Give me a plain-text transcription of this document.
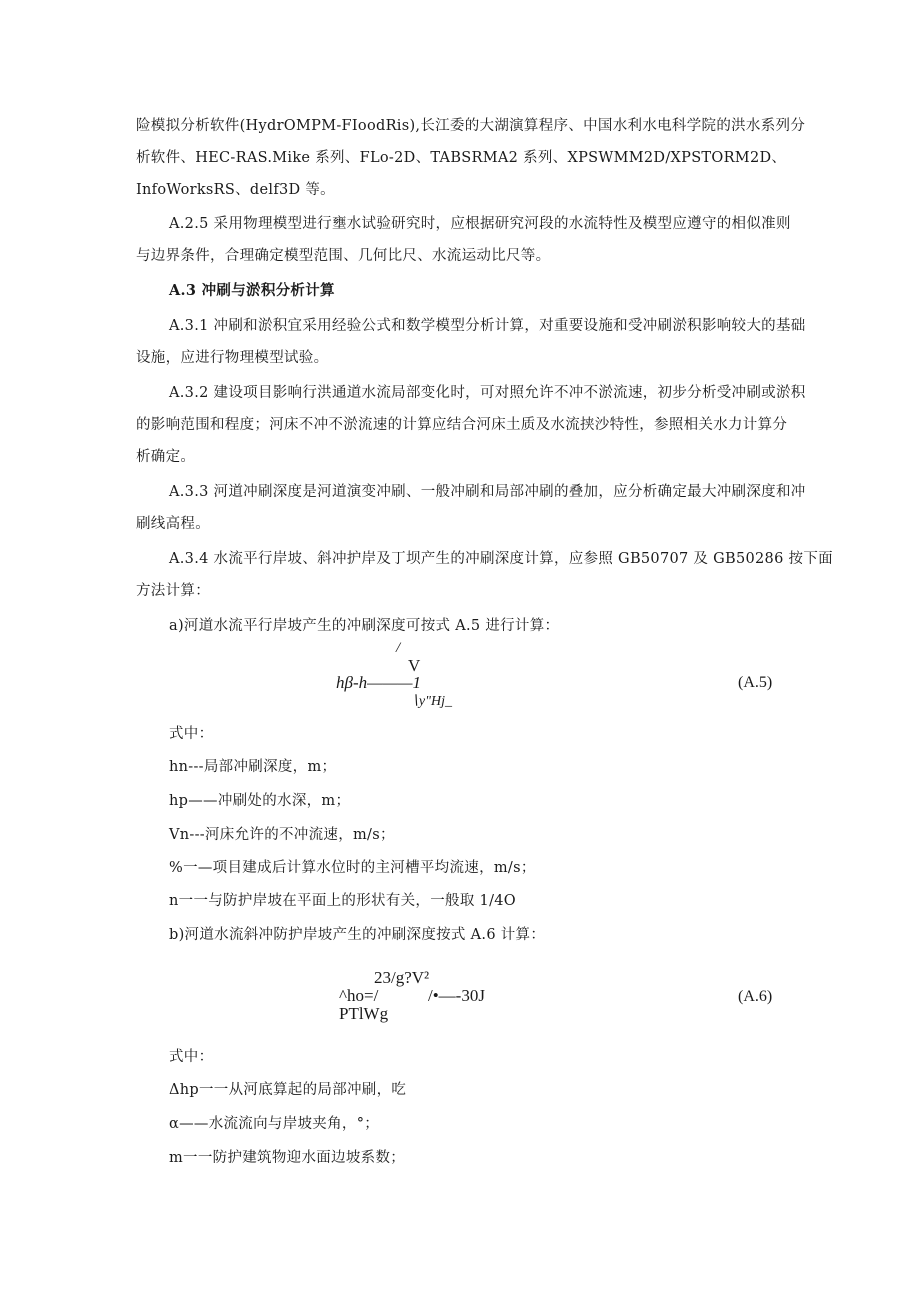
险模拟分析软件(HydrOMPM-FIoodRis),长江委的大湖演算程序、中国水利水电科学院的洪水系列分
析软件、HEC-RAS.Mike 系列、FLo-2D、TABSRMA2 系列、XPSWMM2D∕XPSTORM2D、
InfoWorksRS、delf3D 等。
A.2.5 采用物理模型进行壅水试验研究时，应根据研究河段的水流特性及模型应遵守的相似准则
与边界条件，合理确定模型范围、几何比尺、水流运动比尺等。
A.3 冲刷与淤积分析计算
A.3.1 冲刷和淤积宜采用经验公式和数学模型分析计算，对重要设施和受冲刷淤积影响较大的基础
设施，应进行物理模型试验。
A.3.2 建设项目影响行洪通道水流局部变化时，可对照允许不冲不淤流速，初步分析受冲刷或淤积
的影响范围和程度；河床不冲不淤流速的计算应结合河床土质及水流挟沙特性，参照相关水力计算分
析确定。
A.3.3 河道冲刷深度是河道演变冲刷、一般冲刷和局部冲刷的叠加，应分析确定最大冲刷深度和冲
刷线高程。
A.3.4 水流平行岸坡、斜冲护岸及丁坝产生的冲刷深度计算，应参照 GB50707 及 GB50286 按下面
方法计算：
a)河道水流平行岸坡产生的冲刷深度可按式 A.5 进行计算：
/
V
hβ-h———1
∖y"Hj_
(A.5)
式中：
hn---局部冲刷深度，m；
hp——冲刷处的水深，m；
Vn---河床允许的不冲流速，m/s；
%一—项目建成后计算水位时的主河槽平均流速，m/s；
n一一与防护岸坡在平面上的形状有关，一般取 1/4O
b)河道水流斜冲防护岸坡产生的冲刷深度按式 A.6 计算：
23/g?V²
^ho=/	/•—-30J
PTlWg
(A.6)
式中：
Δhp一一从河底算起的局部冲刷，吃
α——水流流向与岸坡夹角，°；
m一一防护建筑物迎水面边坡系数；
